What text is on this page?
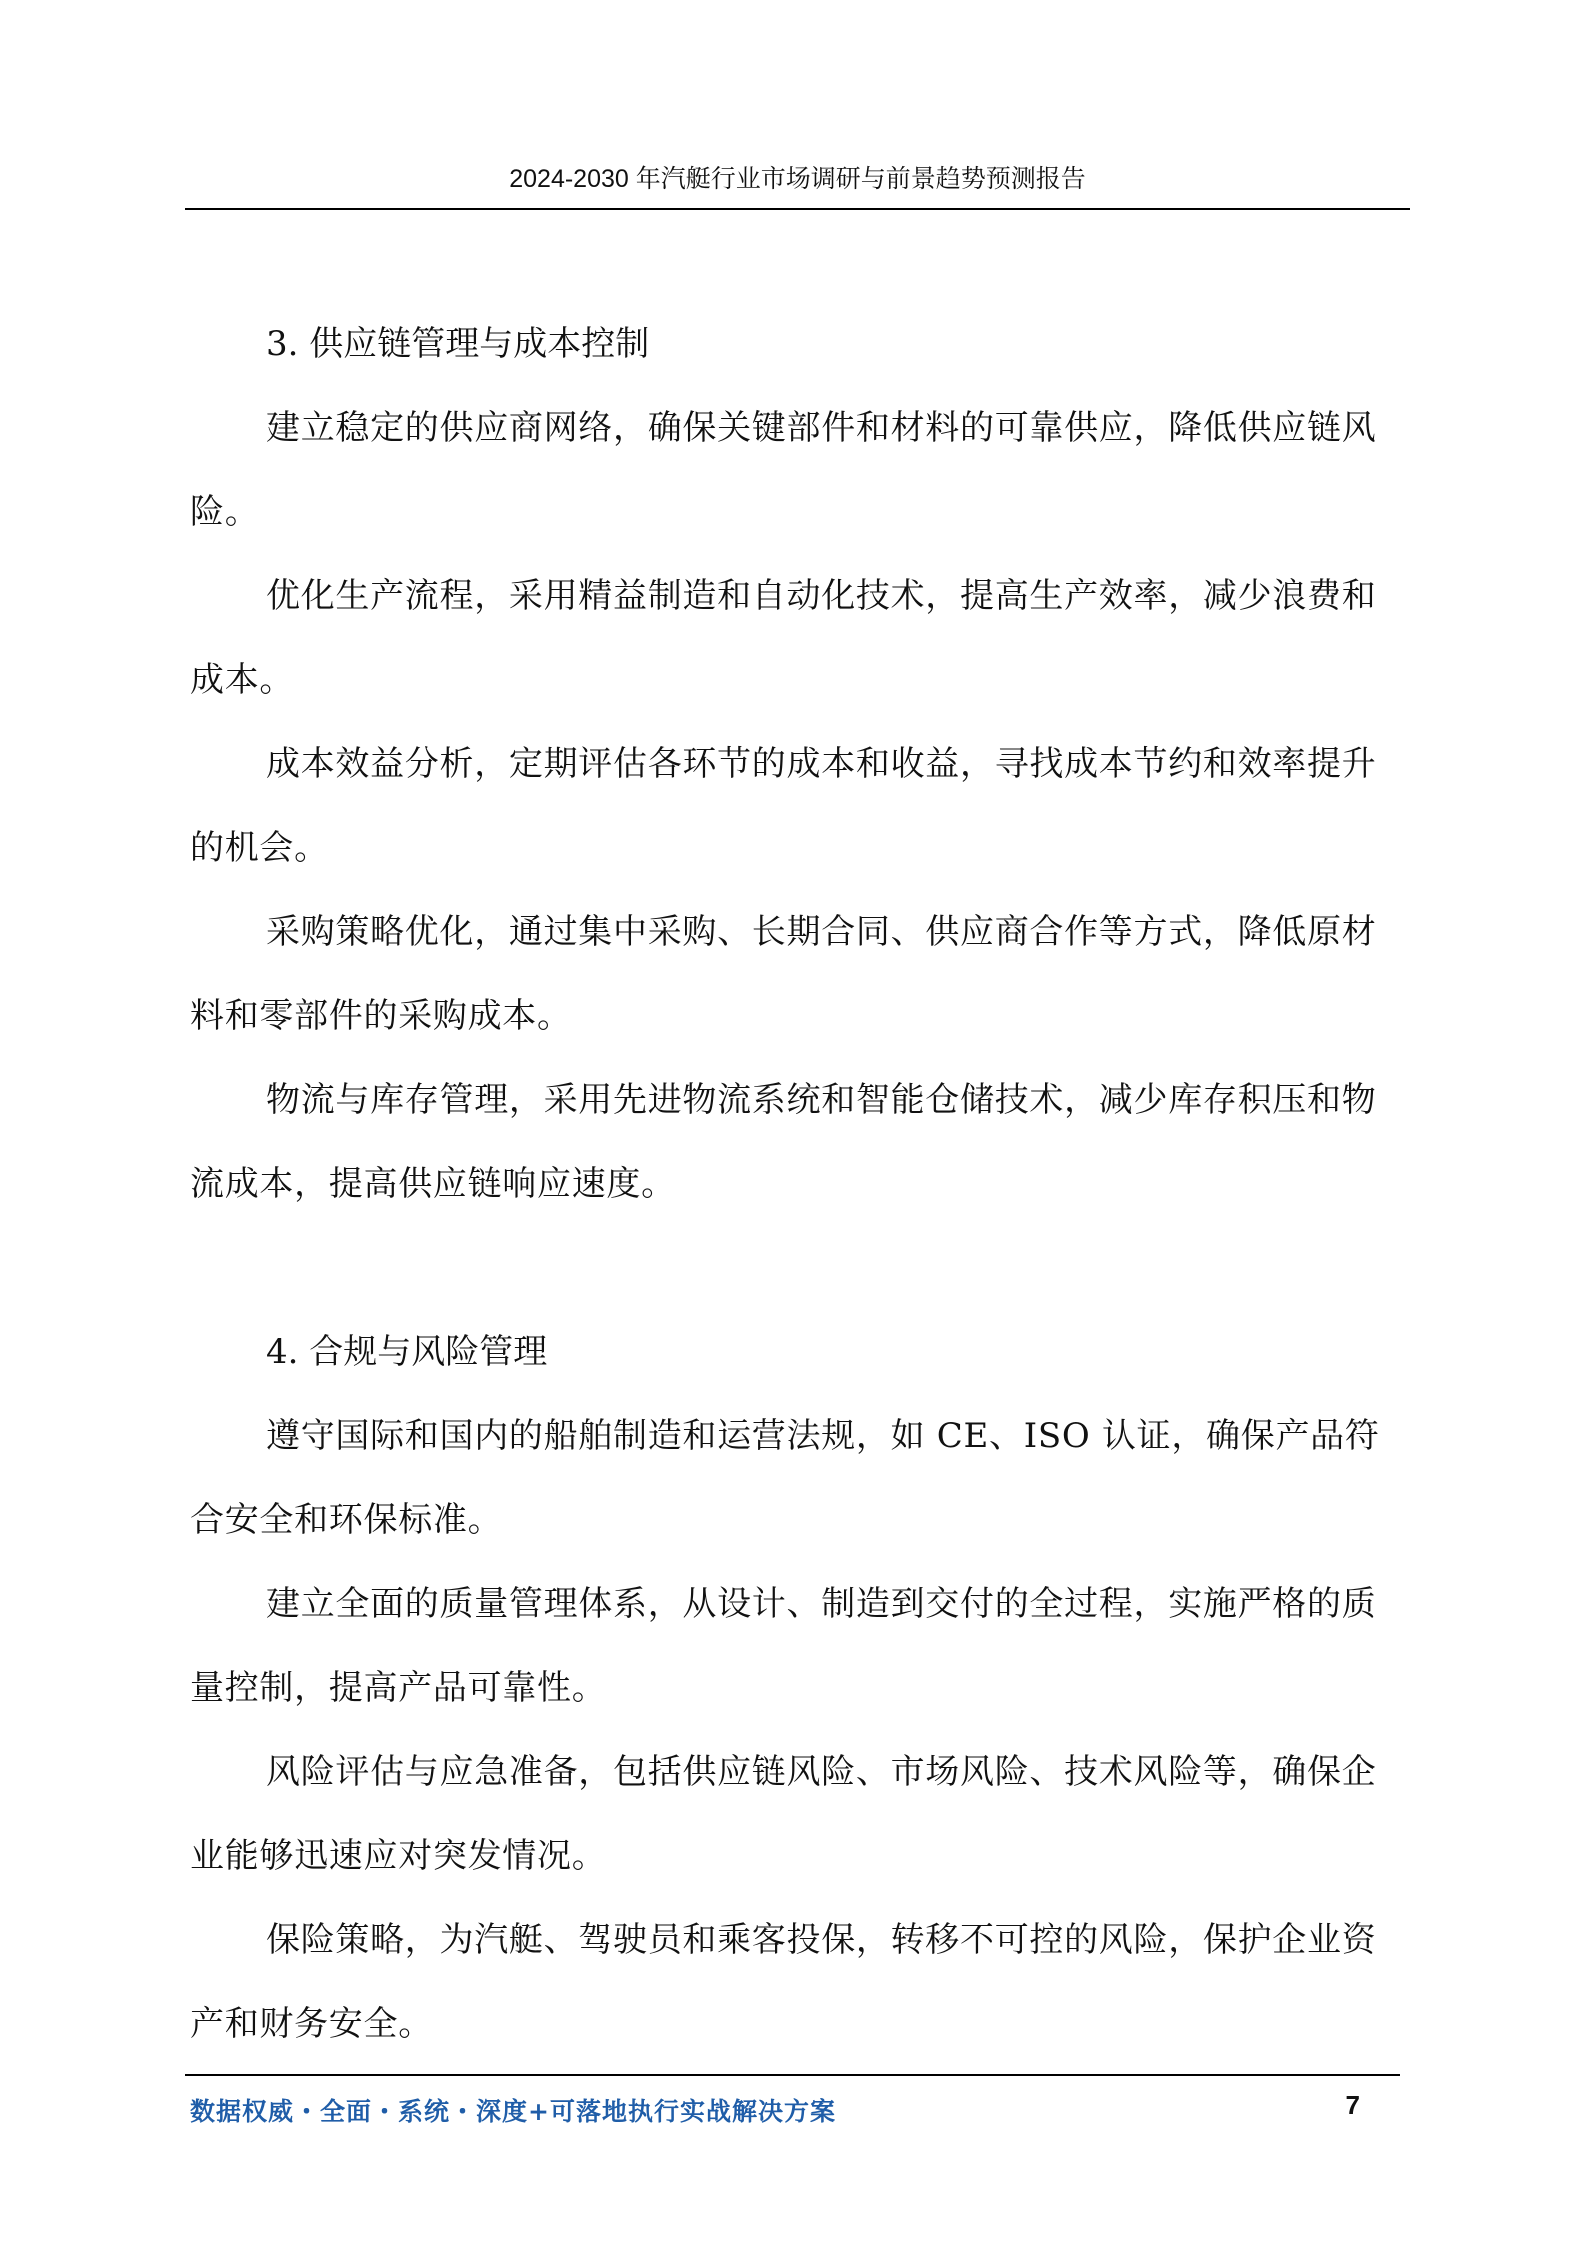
2024-2030 年汽艇行业市场调研与前景趋势预测报告

3. 供应链管理与成本控制

建立稳定的供应商网络，确保关键部件和材料的可靠供应，降低供应链风险。

优化生产流程，采用精益制造和自动化技术，提高生产效率，减少浪费和成本。

成本效益分析，定期评估各环节的成本和收益，寻找成本节约和效率提升的机会。

采购策略优化，通过集中采购、长期合同、供应商合作等方式，降低原材料和零部件的采购成本。

物流与库存管理，采用先进物流系统和智能仓储技术，减少库存积压和物流成本，提高供应链响应速度。

4. 合规与风险管理

遵守国际和国内的船舶制造和运营法规，如 CE、ISO 认证，确保产品符合安全和环保标准。

建立全面的质量管理体系，从设计、制造到交付的全过程，实施严格的质量控制，提高产品可靠性。

风险评估与应急准备，包括供应链风险、市场风险、技术风险等，确保企业能够迅速应对突发情况。

保险策略，为汽艇、驾驶员和乘客投保，转移不可控的风险，保护企业资产和财务安全。

数据权威・全面・系统・深度+可落地执行实战解决方案	7
